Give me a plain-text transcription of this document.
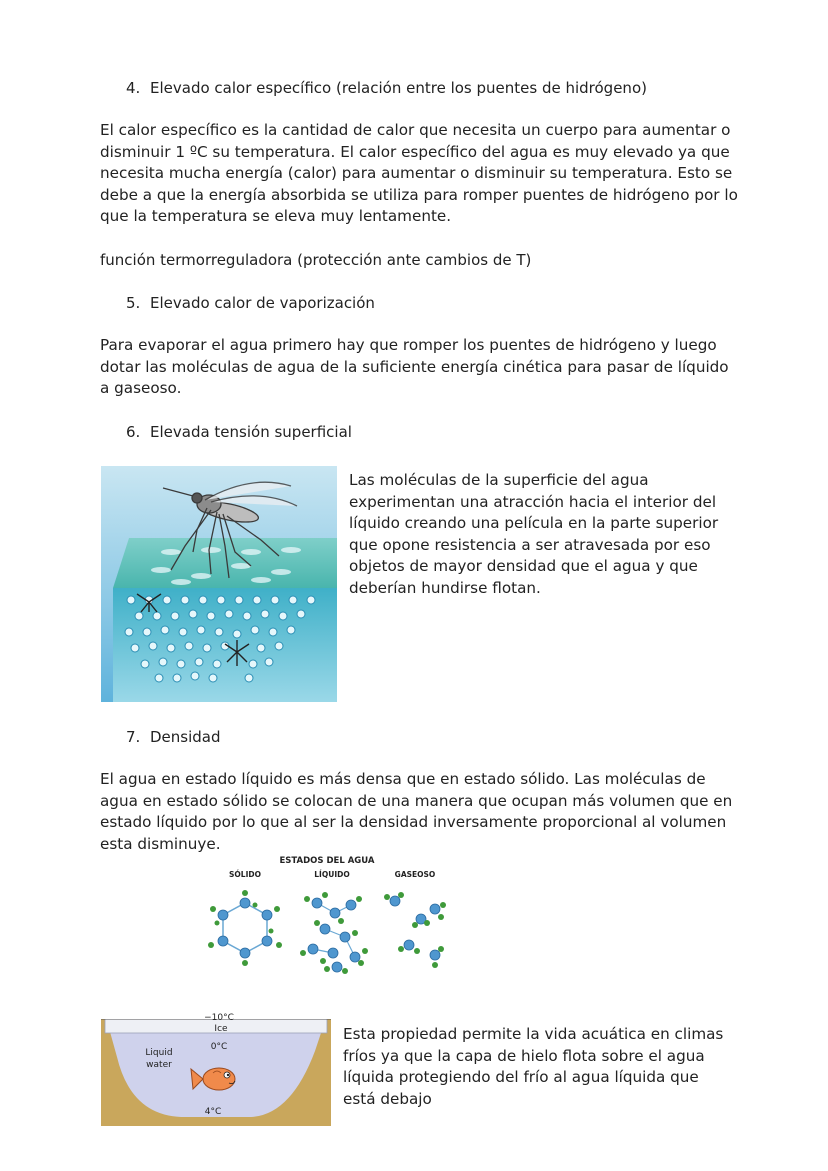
4. Elevado calor específico (relación entre los puentes de hidrógeno)

El calor específico es la cantidad de calor que necesita un cuerpo para aumentar o disminuir 1 ºC su temperatura. El calor específico del agua es muy elevado ya que necesita mucha energía (calor) para aumentar o disminuir su temperatura. Esto se debe a que la energía absorbida se utiliza para romper puentes de hidrógeno por lo que la temperatura se eleva muy lentamente.

función termorreguladora (protección ante cambios de T)
5. Elevado calor de vaporización

Para evaporar el agua primero hay que romper los puentes de hidrógeno y luego dotar las moléculas de agua de la suficiente energía cinética para pasar de líquido a gaseoso.

6. Elevada tensión superficial
Las moléculas de la superficie del agua experimentan una atracción hacia el interior del líquido creando una película en la parte superior que opone resistencia a ser atravesada por eso objetos de mayor densidad que el agua y que deberían hundirse flotan.
7. Densidad

El agua en estado líquido es más densa que en estado sólido. Las moléculas de agua en estado sólido se colocan de una manera que ocupan más volumen que en estado líquido por lo que al ser la densidad inversamente proporcional al volumen esta disminuye.

ESTADOS DEL AGUA
SÓLIDO	LÍQUIDO	GASEOSO
−10°C
Ice
0°C
Liquid
water
4°C
Esta propiedad permite la vida acuática en climas fríos ya que la capa de hielo flota sobre el agua líquida protegiendo del frío al agua líquida que está debajo
